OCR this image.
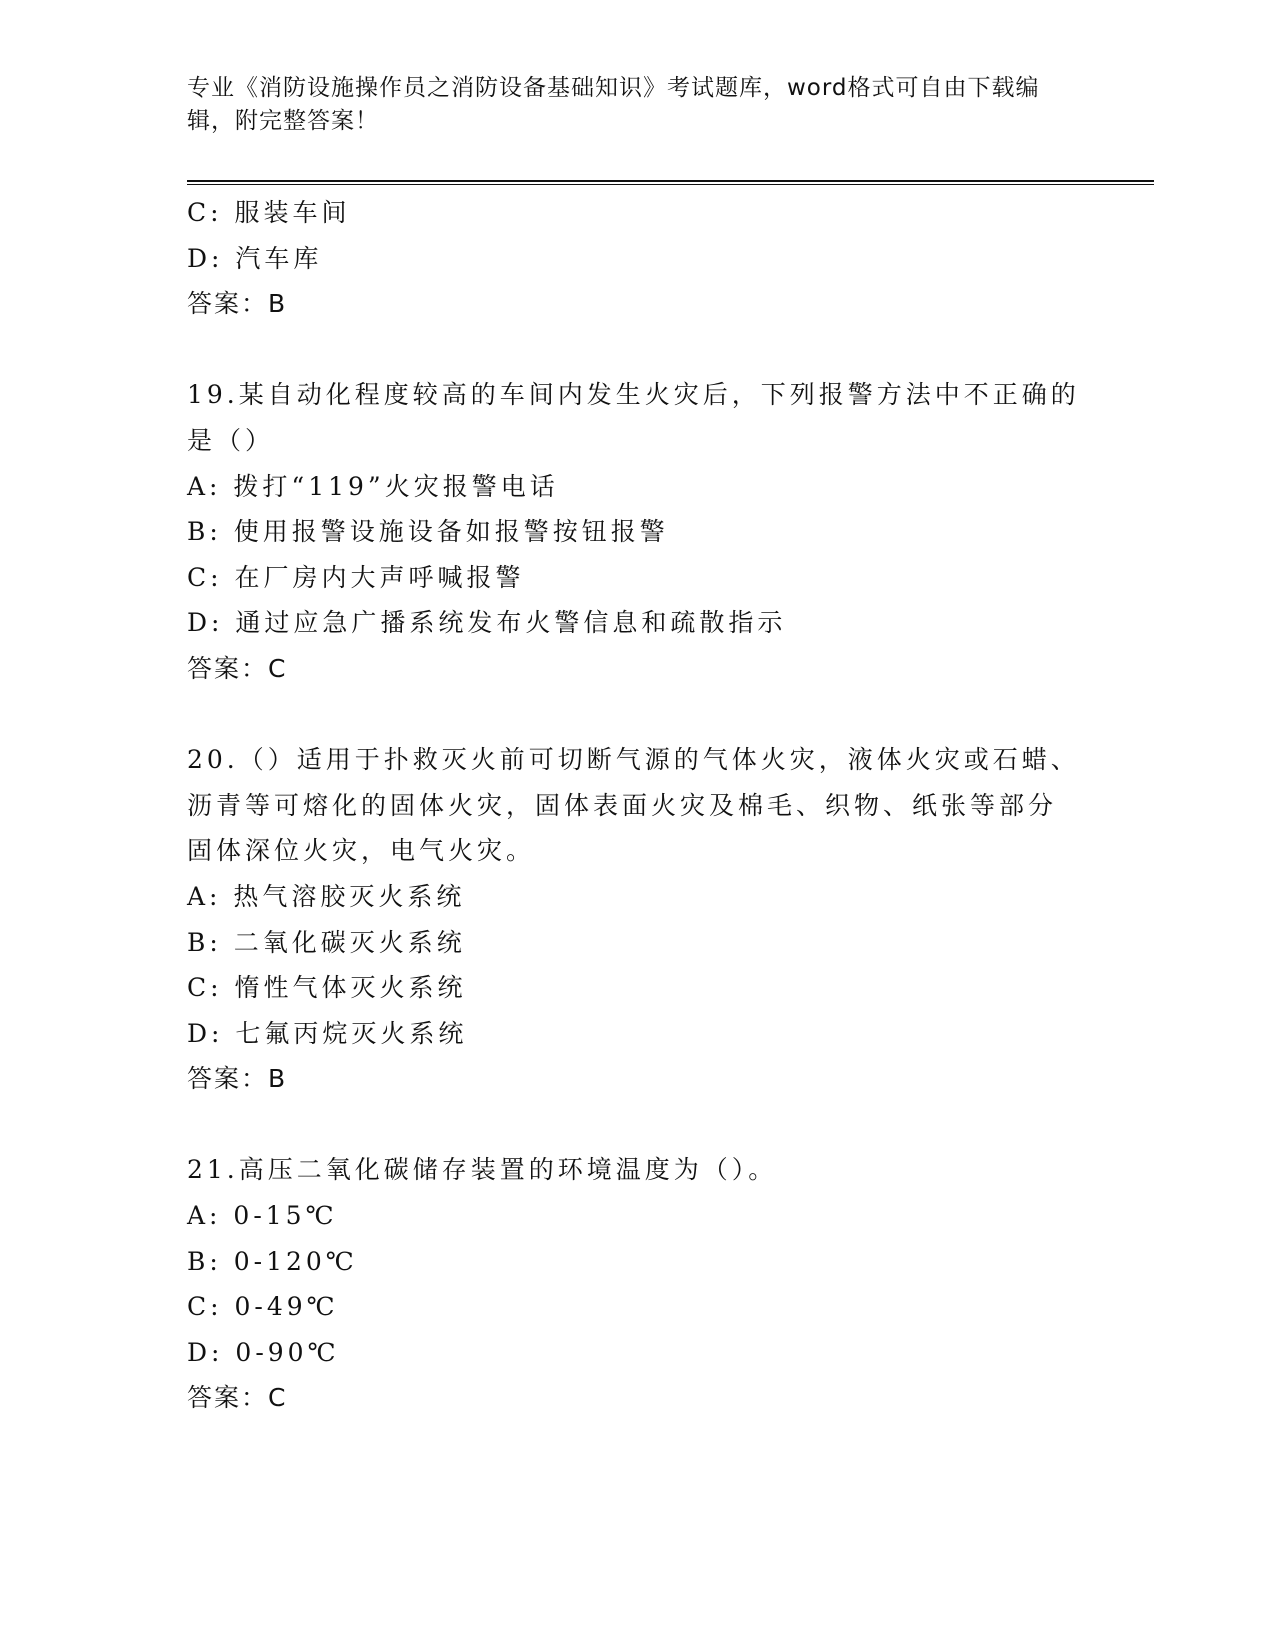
专业《消防设施操作员之消防设备基础知识》考试题库，word格式可自由下载编
辑，附完整答案！
C: 服装车间
D: 汽车库
答案：B
19.某自动化程度较高的车间内发生火灾后，下列报警方法中不正确的
是（）
A: 拨打“119”火灾报警电话
B: 使用报警设施设备如报警按钮报警
C: 在厂房内大声呼喊报警
D: 通过应急广播系统发布火警信息和疏散指示
答案：C
20.（）适用于扑救灭火前可切断气源的气体火灾，液体火灾或石蜡、
沥青等可熔化的固体火灾，固体表面火灾及棉毛、织物、纸张等部分
固体深位火灾，电气火灾。
A: 热气溶胶灭火系统
B: 二氧化碳灭火系统
C: 惰性气体灭火系统
D: 七氟丙烷灭火系统
答案：B
21.高压二氧化碳储存装置的环境温度为（）。
A: 0-15℃
B: 0-120℃
C: 0-49℃
D: 0-90℃
答案：C
